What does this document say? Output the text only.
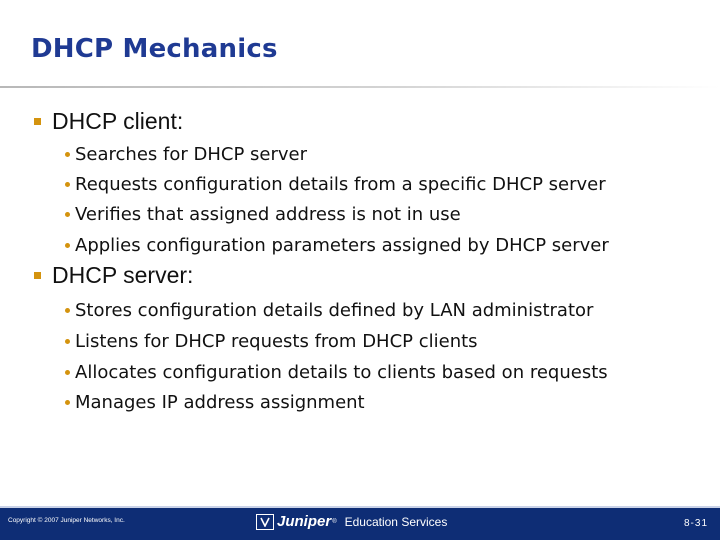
DHCP Mechanics
DHCP client:
Searches for DHCP server
Requests configuration details from a specific DHCP server
Verifies that assigned address is not in use
Applies configuration parameters assigned by DHCP server
DHCP server:
Stores configuration details defined by LAN administrator
Listens for DHCP requests from DHCP clients
Allocates configuration details to clients based on requests
Manages IP address assignment
Copyright © 2007 Juniper Networks, Inc.	Juniper ® Education Services	8-31
